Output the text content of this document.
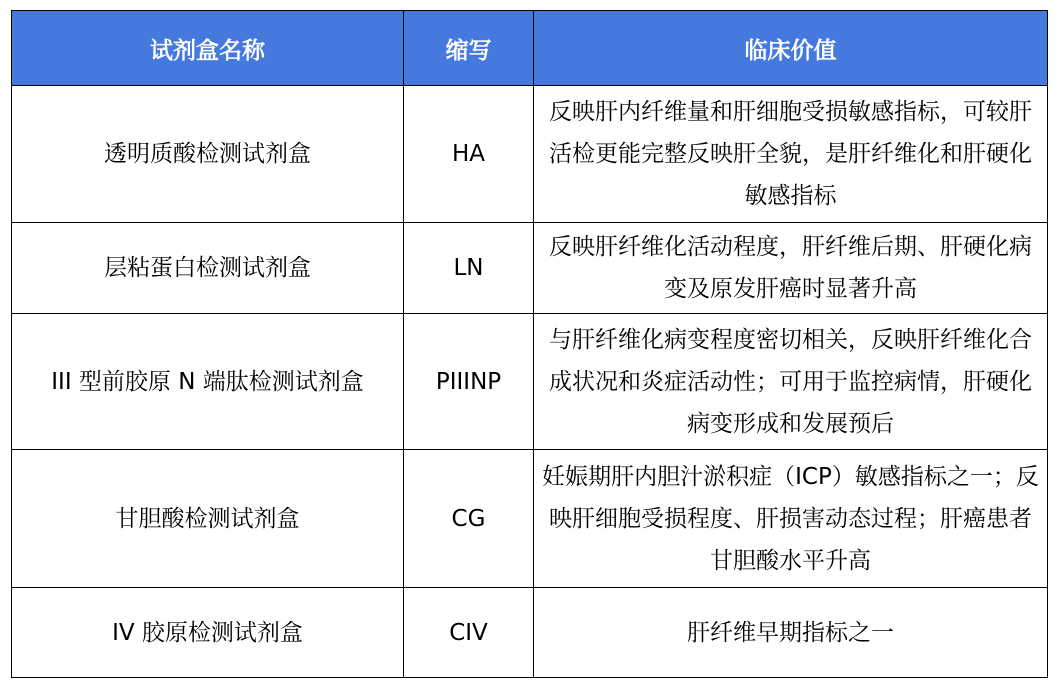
试剂盒名称	缩写	临床价值
透明质酸检测试剂盒	HA	反映肝内纤维量和肝细胞受损敏感指标，可较肝活检更能完整反映肝全貌，是肝纤维化和肝硬化敏感指标
层粘蛋白检测试剂盒	LN	反映肝纤维化活动程度，肝纤维后期、肝硬化病变及原发肝癌时显著升高
III 型前胶原 N 端肽检测试剂盒	PIIINP	与肝纤维化病变程度密切相关，反映肝纤维化合成状况和炎症活动性；可用于监控病情，肝硬化病变形成和发展预后
甘胆酸检测试剂盒	CG	妊娠期肝内胆汁淤积症（ICP）敏感指标之一；反映肝细胞受损程度、肝损害动态过程；肝癌患者甘胆酸水平升高
IV 胶原检测试剂盒	CIV	肝纤维早期指标之一
